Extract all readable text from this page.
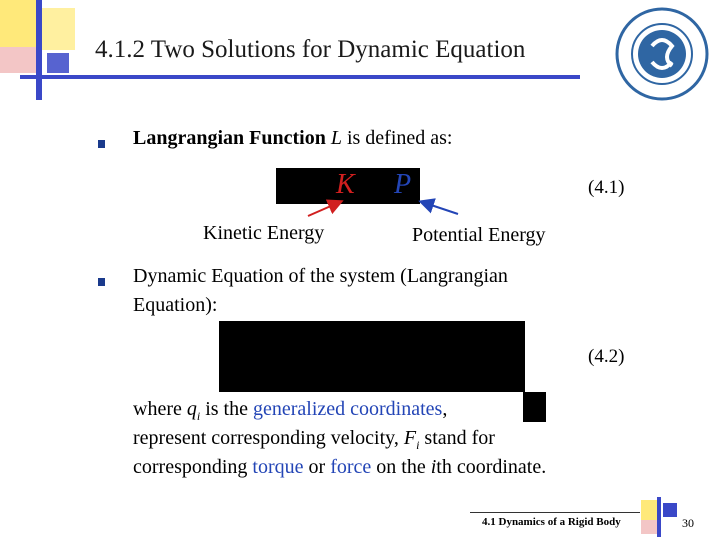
4.1.2 Two Solutions for Dynamic Equation
Langrangian Function L is defined as:
K P	(4.1)
Kinetic Energy	Potential Energy
Dynamic Equation of the system (Langrangian
Equation):
(4.2)
where $q_i$ is the generalized coordinates,
represent corresponding velocity, $F_i$ stand for
corresponding torque or force on the ith coordinate.
4.1 Dynamics of a Rigid Body	30
